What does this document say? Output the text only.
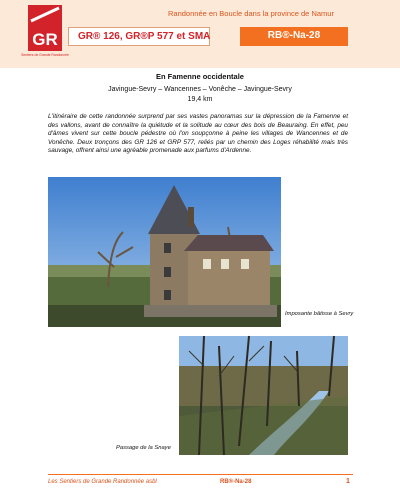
GR
Sentiers de Grande Randonnée
Randonnée en Boucle dans la province de Namur
GR® 126, GR®P 577 et SMA	RB®-Na-28
En Famenne occidentale
Javingue-Sevry – Wancennes – Vonêche – Javingue-Sevry
19,4 km

L'itinéraire de cette randonnée surprend par ses vastes panoramas sur la dépression de la Famenne et des vallons, avant de connaître la quiétude et la solitude au cœur des bois de Beauraing. En effet, peu d'âmes vivent sur cette boucle pédestre où l'on soupçonne à peine les villages de Wancennes et de Vonêche. Deux tronçons des GR 126 et GRP 577, reliés par un chemin des Loges réhabilité mais très sauvage, offrent ainsi une agréable promenade aux parfums d'Ardenne.

Imposante bâtisse à Sevry
Passage de la Snaye
Les Sentiers de Grande Randonnée asbl	RB®-Na-28	1
